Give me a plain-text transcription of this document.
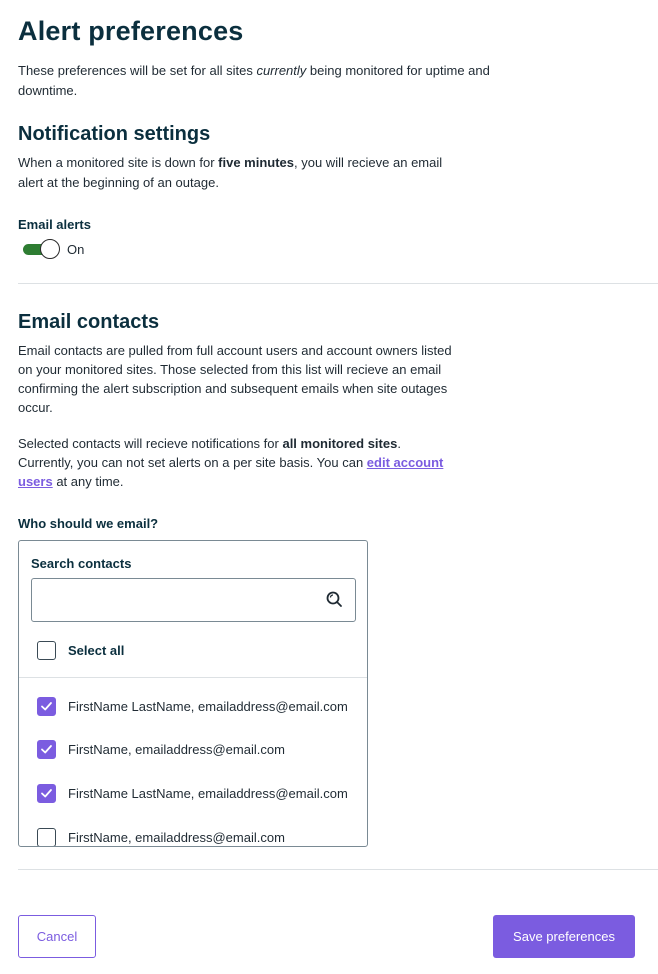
Alert preferences

These preferences will be set for all sites currently being monitored for uptime and downtime.

Notification settings

When a monitored site is down for five minutes, you will recieve an email alert at the beginning of an outage.

Email alerts
On
Email contacts

Email contacts are pulled from full account users and account owners listed on your monitored sites. Those selected from this list will recieve an email confirming the alert subscription and subsequent emails when site outages occur.

Selected contacts will recieve notifications for all monitored sites. Currently, you can not set alerts on a per site basis. You can edit account users at any time.

Who should we email?
Search contacts
Select all
FirstName LastName, emailaddress@email.com
FirstName, emailaddress@email.com
FirstName LastName, emailaddress@email.com
FirstName, emailaddress@email.com
Cancel	Save preferences
